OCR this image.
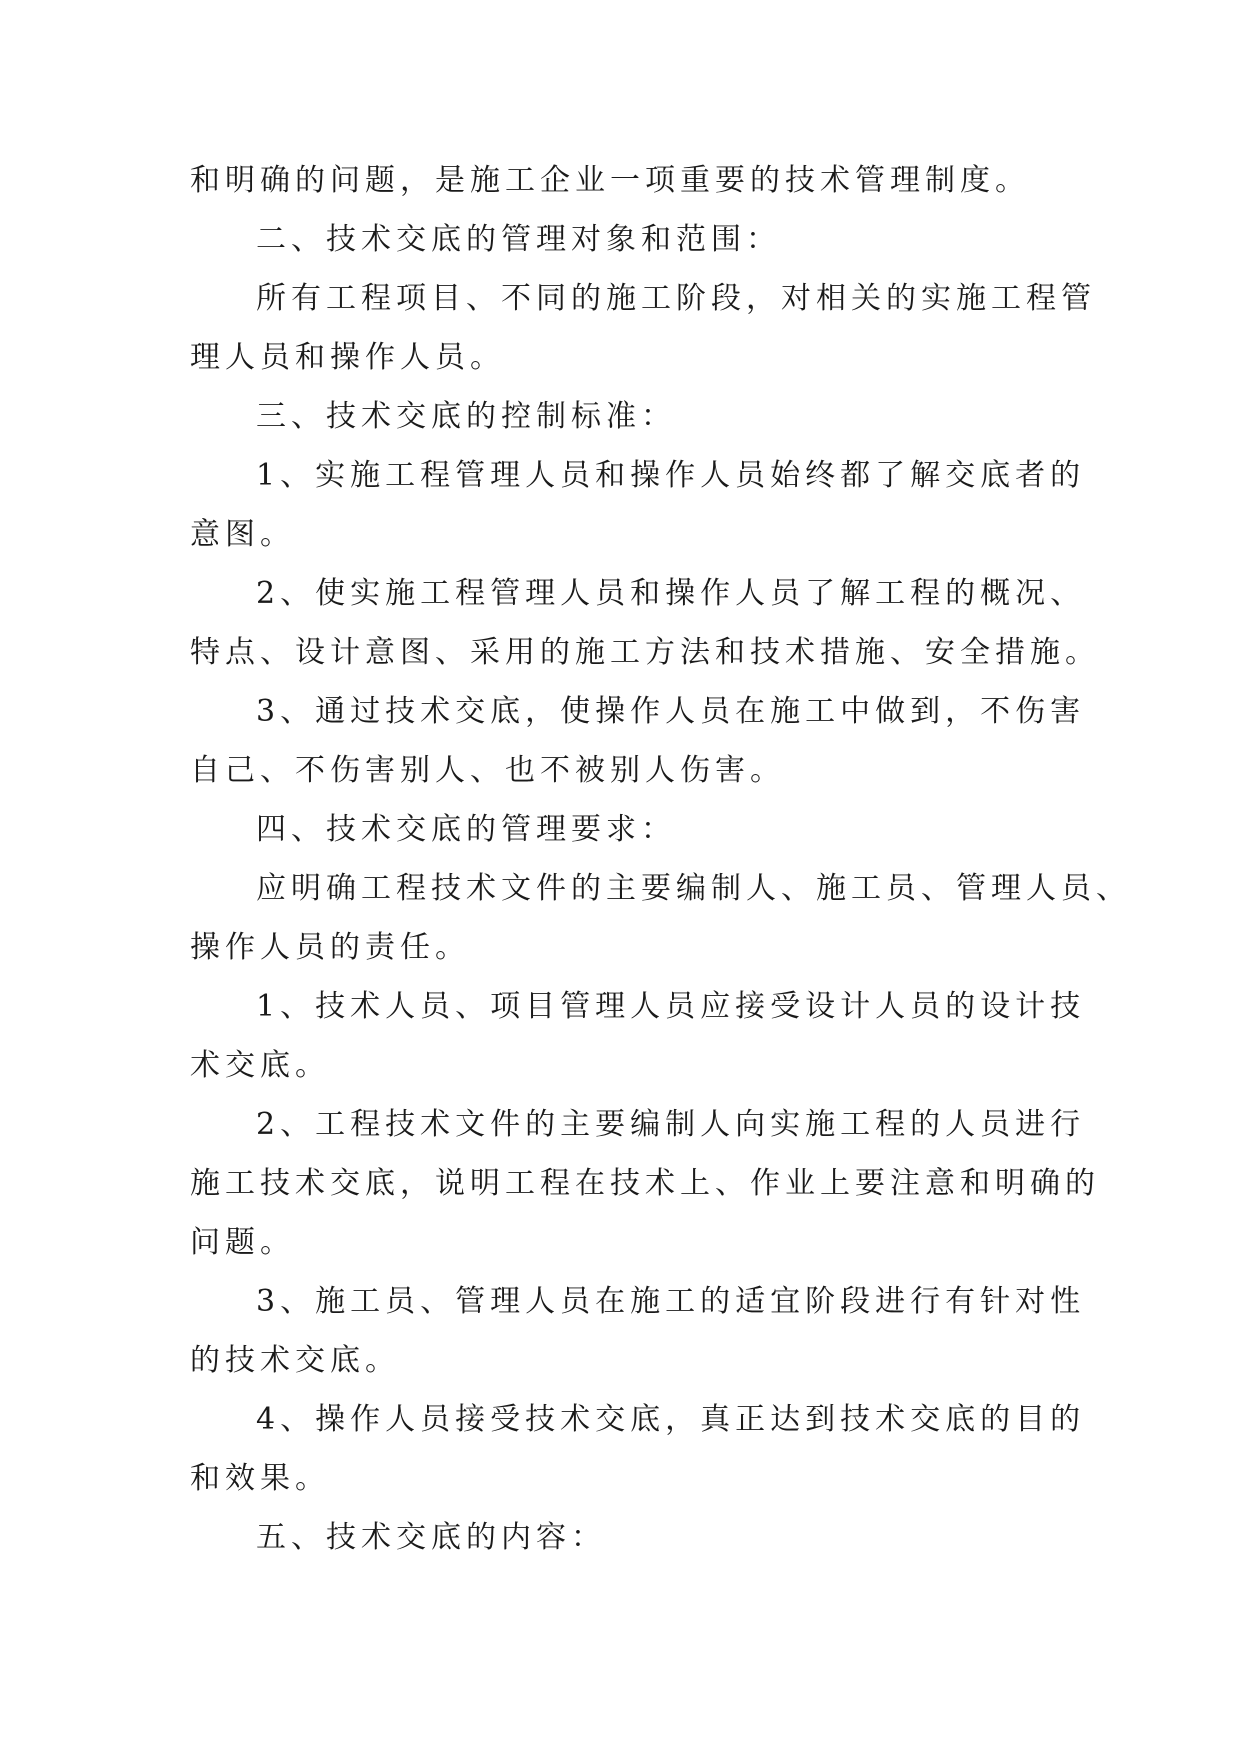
和明确的问题，是施工企业一项重要的技术管理制度。

二、技术交底的管理对象和范围：

所有工程项目、不同的施工阶段，对相关的实施工程管

理人员和操作人员。

三、技术交底的控制标准：

1、实施工程管理人员和操作人员始终都了解交底者的

意图。

2、使实施工程管理人员和操作人员了解工程的概况、

特点、设计意图、采用的施工方法和技术措施、安全措施。

3、通过技术交底，使操作人员在施工中做到，不伤害

自己、不伤害别人、也不被别人伤害。

四、技术交底的管理要求：

应明确工程技术文件的主要编制人、施工员、管理人员、

操作人员的责任。

1、技术人员、项目管理人员应接受设计人员的设计技

术交底。

2、工程技术文件的主要编制人向实施工程的人员进行

施工技术交底，说明工程在技术上、作业上要注意和明确的

问题。

3、施工员、管理人员在施工的适宜阶段进行有针对性

的技术交底。

4、操作人员接受技术交底，真正达到技术交底的目的

和效果。

五、技术交底的内容：
